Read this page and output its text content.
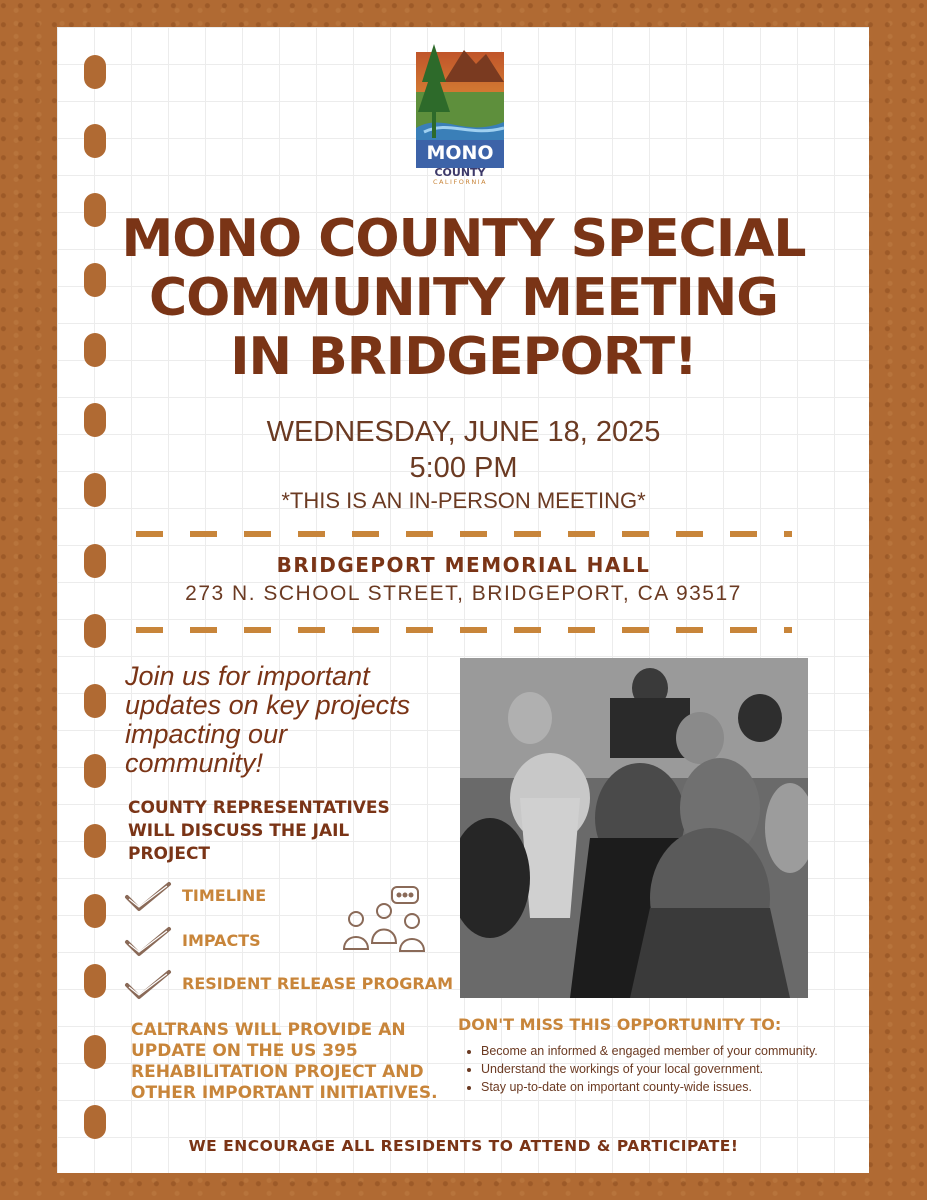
MONO
COUNTY
CALIFORNIA
MONO COUNTY SPECIAL
COMMUNITY MEETING
IN BRIDGEPORT!
WEDNESDAY, JUNE 18, 2025
5:00 PM
*THIS IS AN IN-PERSON MEETING*
BRIDGEPORT MEMORIAL HALL
273 N. SCHOOL STREET, BRIDGEPORT, CA 93517
Join us for important updates on key projects impacting our community!
COUNTY REPRESENTATIVES WILL DISCUSS THE JAIL PROJECT
TIMELINE
IMPACTS
RESIDENT RELEASE PROGRAM
CALTRANS WILL PROVIDE AN UPDATE ON THE US 395 REHABILITATION PROJECT AND OTHER IMPORTANT INITIATIVES.
DON'T MISS THIS OPPORTUNITY TO:
• Become an informed & engaged member of your community.
• Understand the workings of your local government.
• Stay up-to-date on important county-wide issues.
WE ENCOURAGE ALL RESIDENTS TO ATTEND & PARTICIPATE!
